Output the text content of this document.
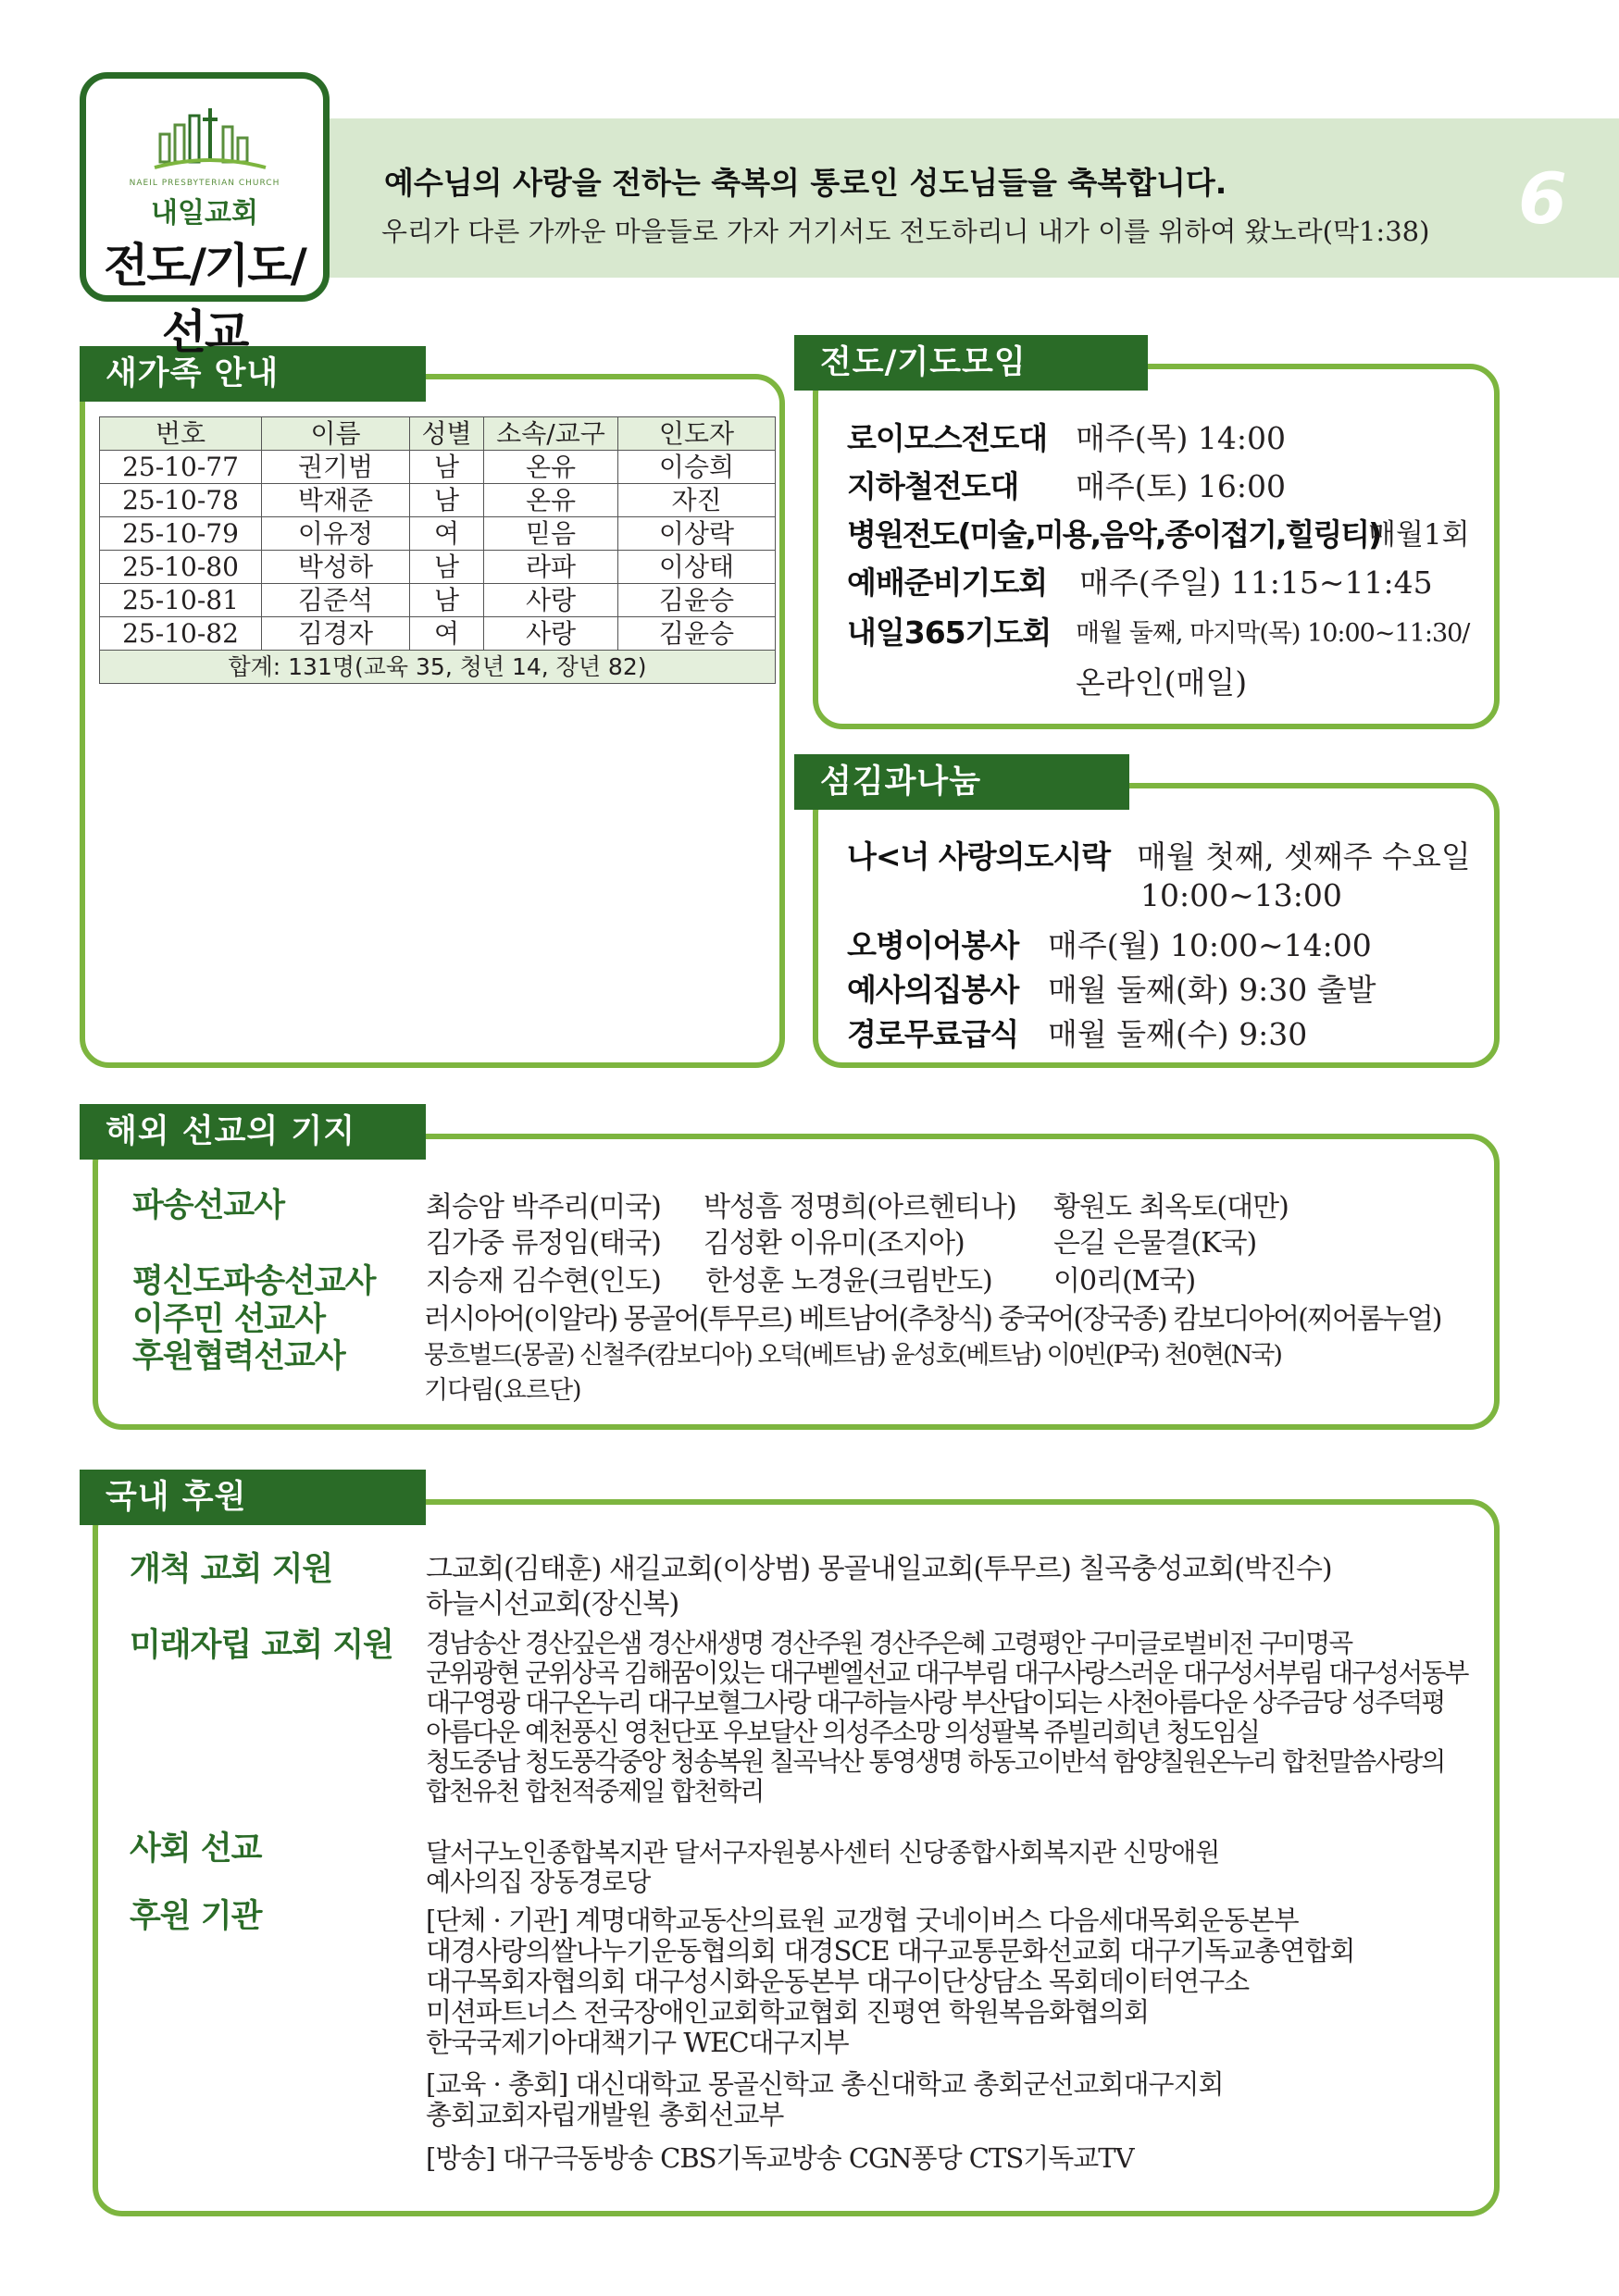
NAEIL PRESBYTERIAN CHURCH
내일교회
전도/기도/선교
예수님의 사랑을 전하는 축복의 통로인 성도님들을 축복합니다.
우리가 다른 가까운 마을들로 가자 거기서도 전도하리니 내가 이를 위하여 왔노라(막1:38) 6
새가족 안내
번호	이름	성별	소속/교구	인도자
25-10-77	권기범	남	온유	이승희
25-10-78	박재준	남	온유	자진
25-10-79	이유정	여	믿음	이상락
25-10-80	박성하	남	라파	이상태
25-10-81	김준석	남	사랑	김윤승
25-10-82	김경자	여	사랑	김윤승
합계: 131명(교육 35, 청년 14, 장년 82)				
전도/기도모임
로이모스전도대 매주(목) 14:00
지하철전도대 매주(토) 16:00
병원전도(미술,미용,음악,종이접기,힐링티)
매월1회
예배준비기도회 매주(주일) 11:15~11:45
내일365기도회 매월 둘째, 마지막(목) 10:00~11:30/
온라인(매일)
섬김과나눔
나<너 사랑의도시락 매월 첫째, 셋째주 수요일
10:00~13:00
오병이어봉사 매주(월) 10:00~14:00
예사의집봉사 매월 둘째(화) 9:30 출발
경로무료급식 매월 둘째(수) 9:30
해외 선교의 기지
파송선교사	최승암 박주리(미국) 박성흠 정명희(아르헨티나) 황원도 최옥토(대만)
김가중 류정임(태국) 김성환 이유미(조지아)	은길 은물결(K국)
평신도파송선교사 지승재 김수현(인도) 한성훈 노경윤(크림반도) 이0리(M국)
이주민 선교사	러시아어(이알라) 몽골어(투무르) 베트남어(추창식) 중국어(장국종) 캄보디아어(찌어롬누얼)
후원협력선교사	뭉흐벌드(몽골) 신철주(캄보디아) 오덕(베트남) 윤성호(베트남) 이0빈(P국) 천0현(N국)
기다림(요르단)
국내 후원
개척 교회 지원	그교회(김태훈) 새길교회(이상범) 몽골내일교회(투무르) 칠곡충성교회(박진수)
하늘시선교회(장신복)
미래자립 교회 지원 경남송산 경산깊은샘 경산새생명 경산주원 경산주은혜 고령평안 구미글로벌비전 구미명곡
군위광현 군위상곡 김해꿈이있는 대구벧엘선교 대구부림 대구사랑스러운 대구성서부림 대구성서동부
대구영광 대구온누리 대구보혈그사랑 대구하늘사랑 부산답이되는 사천아름다운 상주금당 성주덕평
아름다운 예천풍신 영천단포 우보달산 의성주소망 의성팔복 쥬빌리희년 청도임실
청도중남 청도풍각중앙 청송복원 칠곡낙산 통영생명 하동고이반석 함양칠원온누리 합천말씀사랑의
합천유천 합천적중제일 합천학리
사회 선교	달서구노인종합복지관 달서구자원봉사센터 신당종합사회복지관 신망애원
예사의집 장동경로당
후원 기관	[단체 · 기관] 계명대학교동산의료원 교갱협 굿네이버스 다음세대목회운동본부
대경사랑의쌀나누기운동협의회 대경SCE 대구교통문화선교회 대구기독교총연합회
대구목회자협의회 대구성시화운동본부 대구이단상담소 목회데이터연구소
미션파트너스 전국장애인교회학교협회 진평연 학원복음화협의회
한국국제기아대책기구 WEC대구지부
[교육 · 총회] 대신대학교 몽골신학교 총신대학교 총회군선교회대구지회
총회교회자립개발원 총회선교부
[방송] 대구극동방송 CBS기독교방송 CGN퐁당 CTS기독교TV
